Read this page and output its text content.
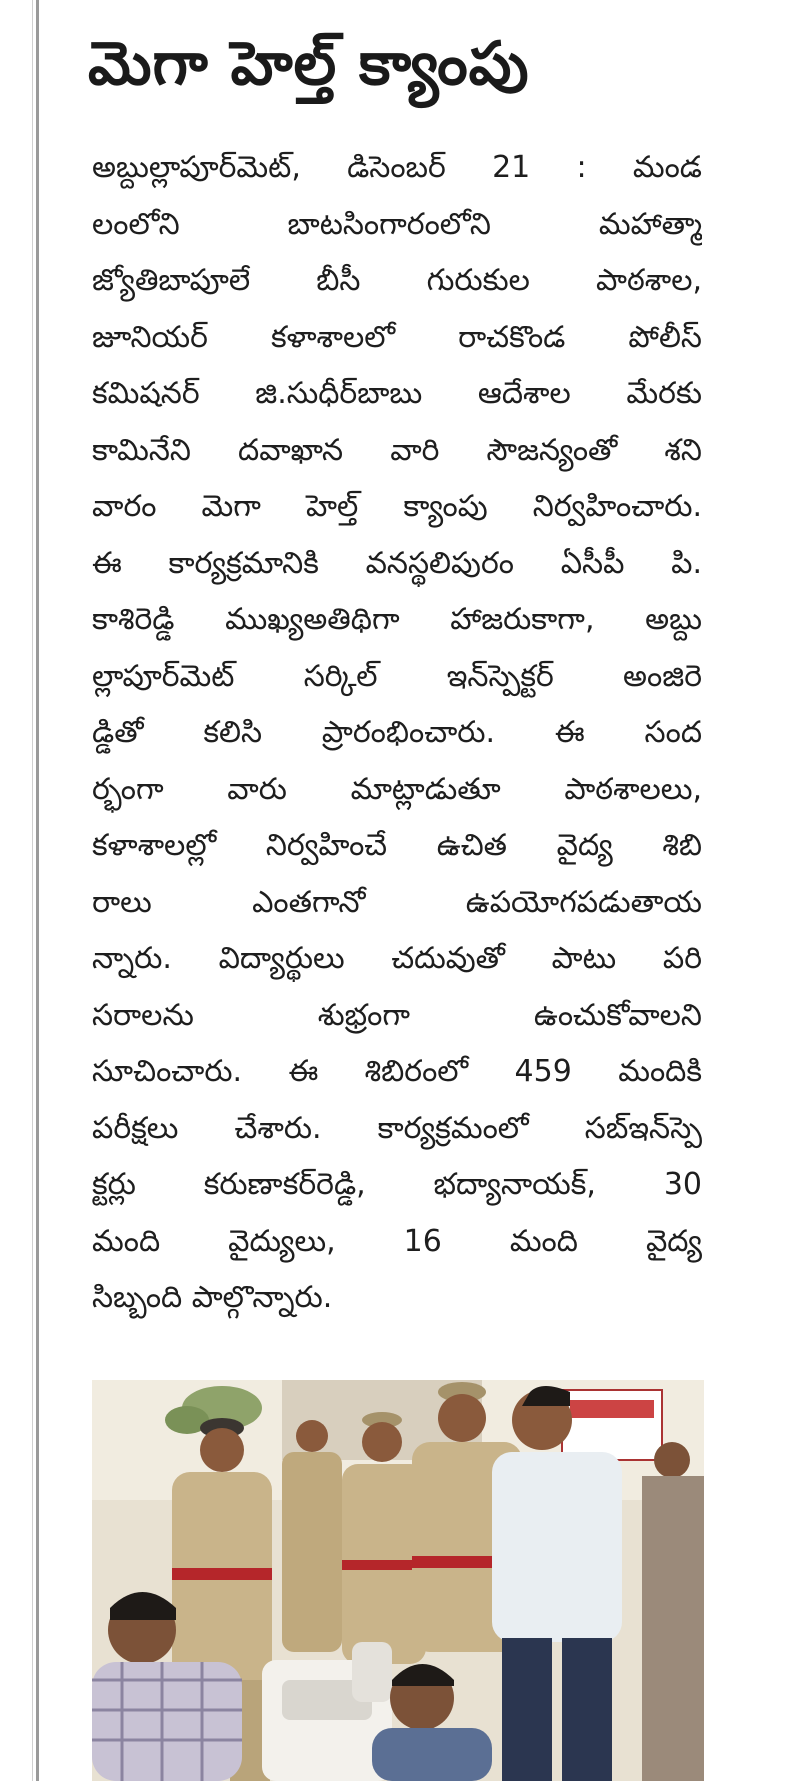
మెగా హెల్త్ క్యాంపు
అబ్దుల్లాపూర్‌మెట్, డిసెంబర్ 21 : మండ
లంలోని బాటసింగారంలోని మహాత్మా
జ్యోతిబాపూలే బీసీ గురుకుల పాఠశాల,
జూనియర్ కళాశాలలో రాచకొండ పోలీస్
కమిషనర్ జి.సుధీర్‌బాబు ఆదేశాల మేరకు
కామినేని దవాఖాన వారి సౌజన్యంతో శని
వారం మెగా హెల్త్ క్యాంపు నిర్వహించారు.
ఈ కార్యక్రమానికి వనస్థలిపురం ఏసీపీ పి.
కాశిరెడ్డి ముఖ్యఅతిథిగా హాజరుకాగా, అబ్దు
ల్లాపూర్‌మెట్ సర్కిల్ ఇన్‌స్పెక్టర్ అంజిరె
డ్డితో కలిసి ప్రారంభించారు. ఈ సంద
ర్భంగా వారు మాట్లాడుతూ పాఠశాలలు,
కళాశాలల్లో నిర్వహించే ఉచిత వైద్య శిబి
రాలు ఎంతగానో ఉపయోగపడుతాయ
న్నారు. విద్యార్థులు చదువుతో పాటు పరి
సరాలను శుభ్రంగా ఉంచుకోవాలని
సూచించారు. ఈ శిబిరంలో 459 మందికి
పరీక్షలు చేశారు. కార్యక్రమంలో సబ్‌ఇన్‌స్పె
క్టర్లు కరుణాకర్‌రెడ్డి, భద్యానాయక్, 30
మంది వైద్యులు, 16 మంది వైద్య
సిబ్బంది పాల్గొన్నారు.
